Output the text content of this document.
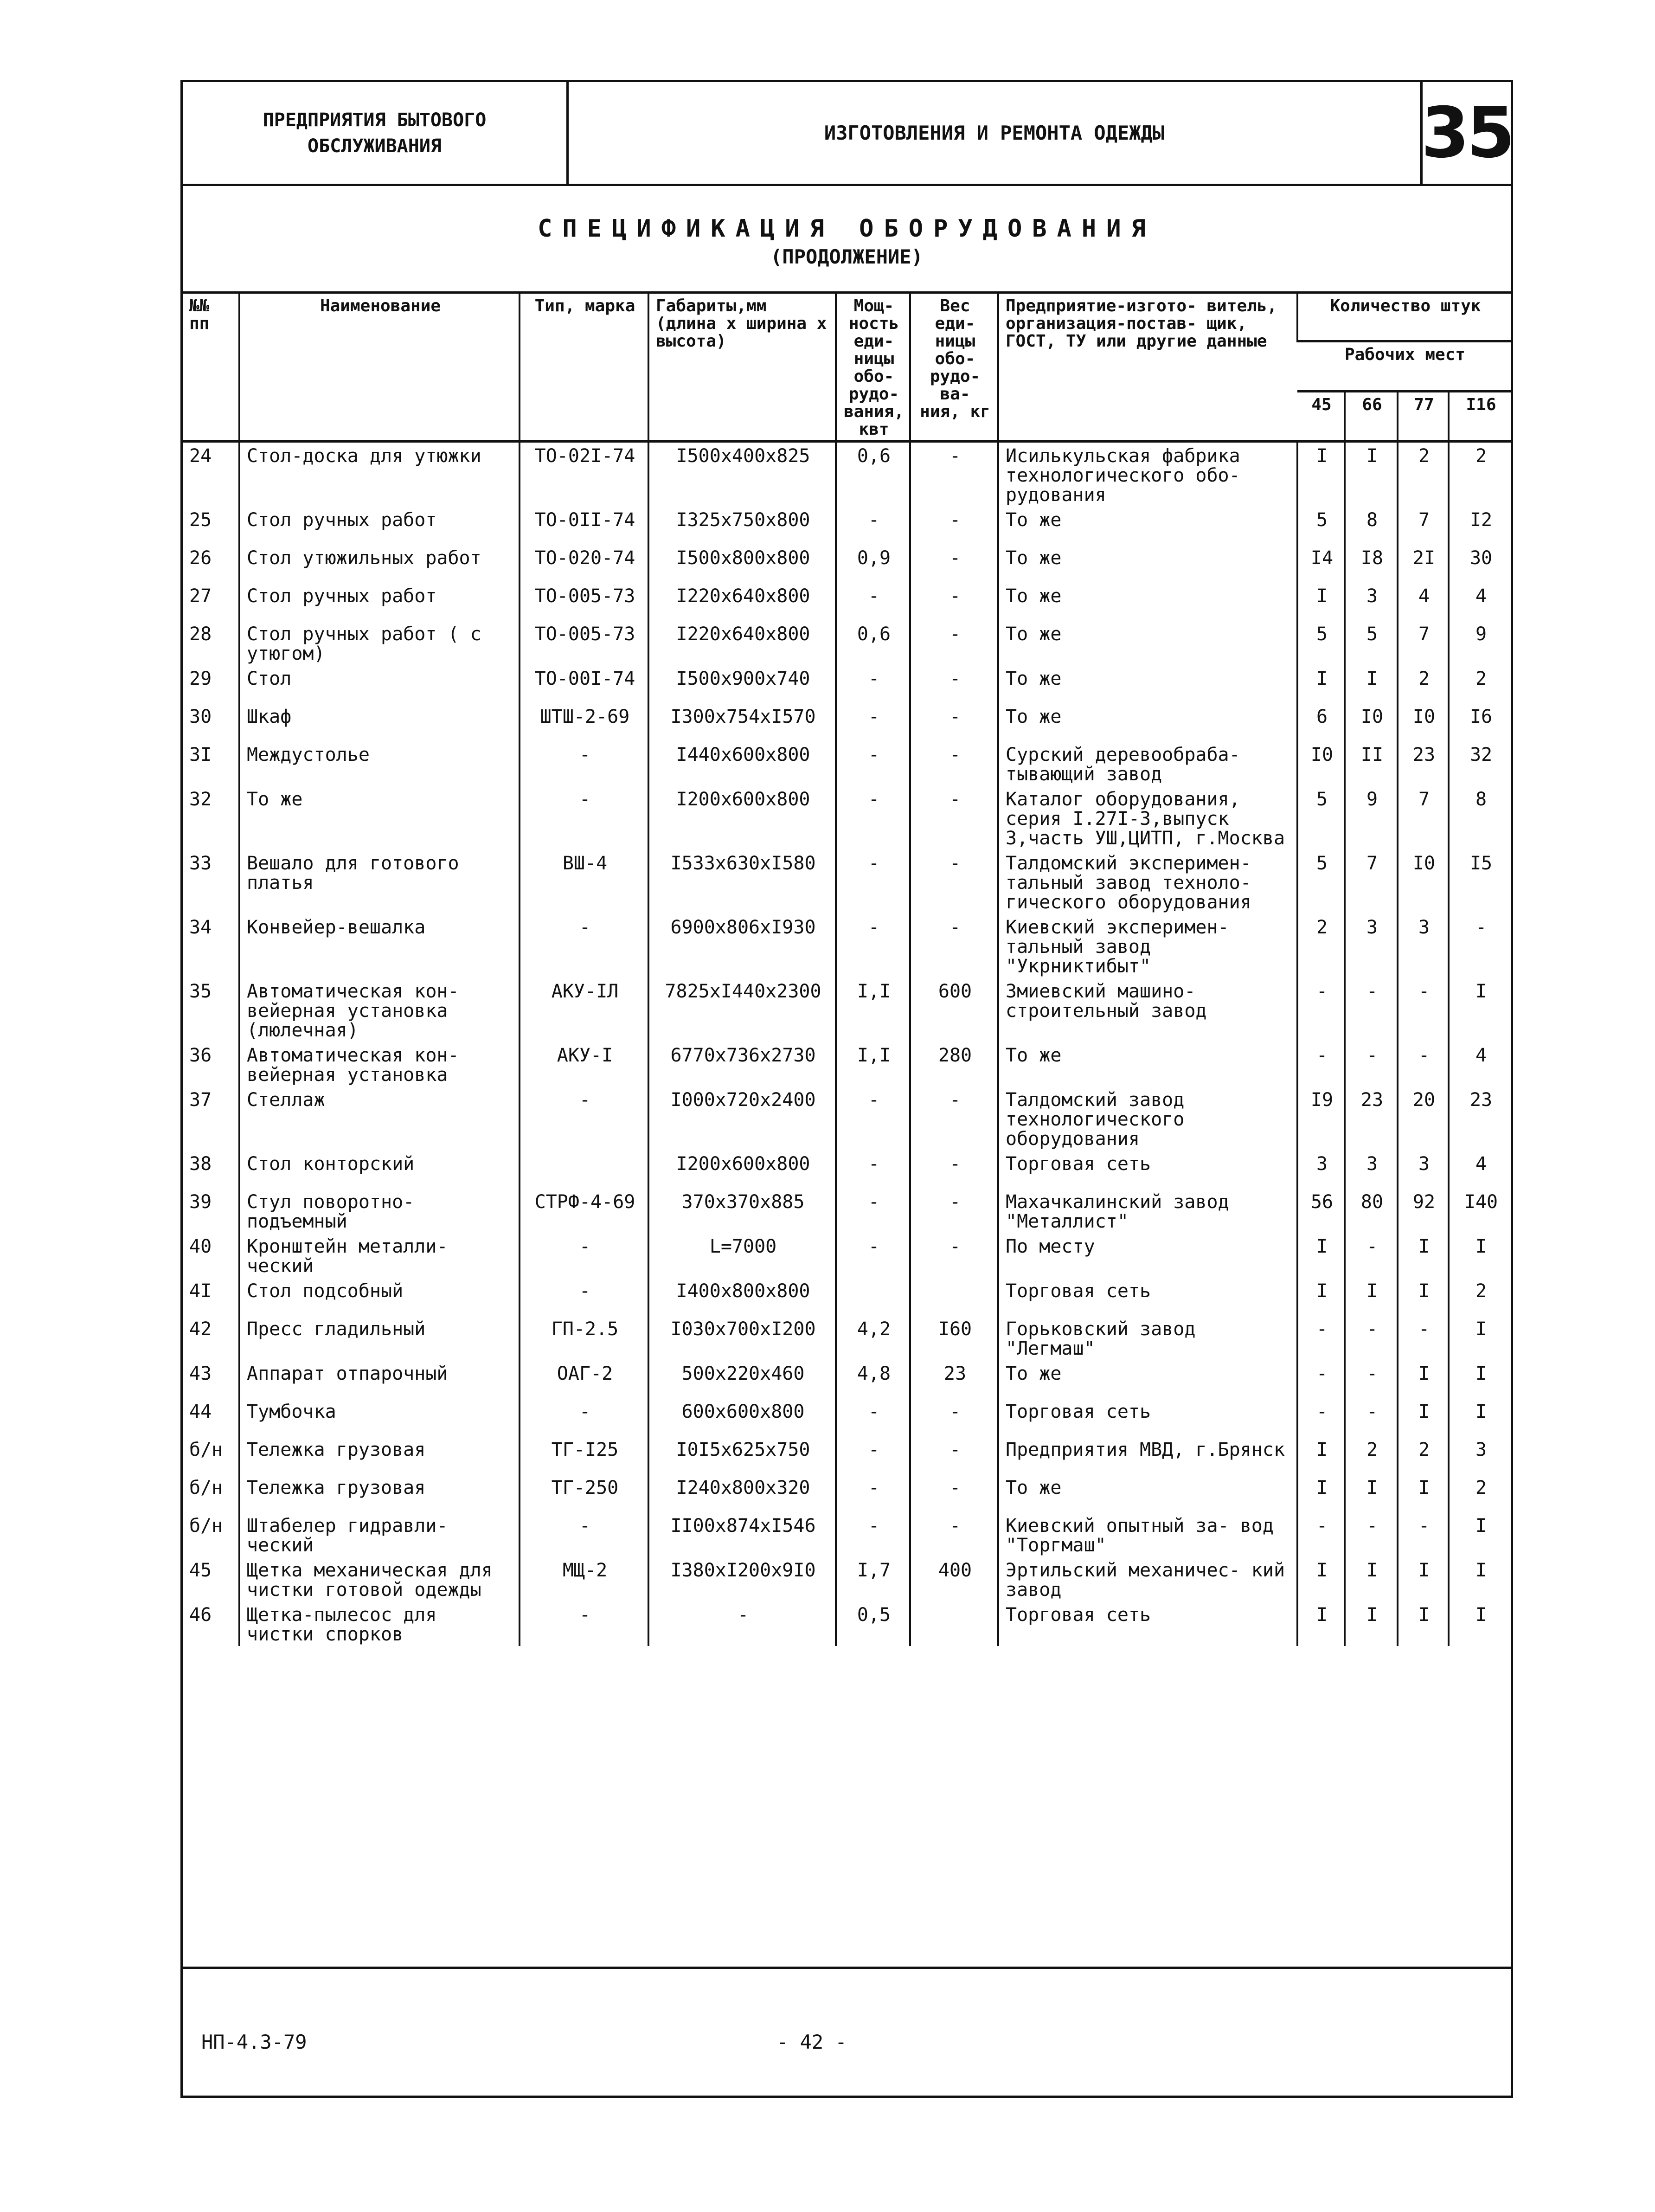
ПРЕДПРИЯТИЯ БЫТОВОГО
ОБСЛУЖИВАНИЯ
ИЗГОТОВЛЕНИЯ И РЕМОНТА ОДЕЖДЫ	35
СПЕЦИФИКАЦИЯ ОБОРУДОВАНИЯ
(ПРОДОЛЖЕНИЕ)
№№ пп	Наименование	Тип, марка	Габариты,мм (длина х ширина х высота)	Мощ- ность еди- ницы обо- рудо- вания, квт	Вес еди- ницы обо- рудо- ва- ния, кг	Предприятие-изгото- витель, организация-постав- щик, ГОСТ, ТУ или другие данные	Количество штук			
							Рабочих мест			
							45	66	77	I16
24	Стол-доска для утюжки	ТО-02I-74	I500x400x825	0,6	-	Исилькульская фабрика технологического обо- рудования	I	I	2	2
25	Стол ручных работ	ТО-0II-74	I325x750x800	-	-	То же	5	8	7	I2
26	Стол утюжильных работ	ТО-020-74	I500x800x800	0,9	-	То же	I4	I8	2I	30
27	Стол ручных работ	ТО-005-73	I220x640x800	-	-	То же	I	3	4	4
28	Стол ручных работ ( с утюгом)	ТО-005-73	I220x640x800	0,6	-	То же	5	5	7	9
29	Стол	ТО-00I-74	I500x900x740	-	-	То же	I	I	2	2
30	Шкаф	ШТШ-2-69	I300x754xI570	-	-	То же	6	I0	I0	I6
3I	Междустолье	-	I440x600x800	-	-	Сурский деревообраба- тывающий завод	I0	II	23	32
32	То же	-	I200x600x800	-	-	Каталог оборудования, серия I.27I-3,выпуск 3,часть УШ,ЦИТП, г.Москва	5	9	7	8
33	Вешало для готового платья	ВШ-4	I533x630xI580	-	-	Талдомский эксперимен- тальный завод техноло- гического оборудования	5	7	I0	I5
34	Конвейер-вешалка	-	6900x806xI930	-	-	Киевский эксперимен- тальный завод "Укрниктибыт"	2	3	3	-
35	Автоматическая кон- вейерная установка (люлечная)	АКУ-IЛ	7825xI440x2300	I,I	600	Змиевский машино- строительный завод	-	-	-	I
36	Автоматическая кон- вейерная установка	АКУ-I	6770x736x2730	I,I	280	То же	-	-	-	4
37	Стеллаж	-	I000x720x2400	-	-	Талдомский завод технологического оборудования	I9	23	20	23
38	Стол конторский		I200x600x800	-	-	Торговая сеть	3	3	3	4
39	Стул поворотно- подъемный	СТРФ-4-69	370x370x885	-	-	Махачкалинский завод "Металлист"	56	80	92	I40
40	Кронштейн металли- ческий	-	L=7000	-	-	По месту	I	-	I	I
4I	Стол подсобный	-	I400x800x800			Торговая сеть	I	I	I	2
42	Пресс гладильный	ГП-2.5	I030x700xI200	4,2	I60	Горьковский завод "Легмаш"	-	-	-	I
43	Аппарат отпарочный	ОАГ-2	500x220x460	4,8	23	То же	-	-	I	I
44	Тумбочка	-	600x600x800	-	-	Торговая сеть	-	-	I	I
б/н	Тележка грузовая	ТГ-I25	I0I5x625x750	-	-	Предприятия МВД, г.Брянск	I	2	2	3
б/н	Тележка грузовая	ТГ-250	I240x800x320	-	-	То же	I	I	I	2
б/н	Штабелер гидравли- ческий	-	II00x874xI546	-	-	Киевский опытный за- вод "Торгмаш"	-	-	-	I
45	Щетка механическая для чистки готовой одежды	МЩ-2	I380xI200x9I0	I,7	400	Эртильский механичес- кий завод	I	I	I	I
46	Щетка-пылесос для чистки спорков	-	-	0,5		Торговая сеть	I	I	I	I
НП-4.3-79	- 42 -
